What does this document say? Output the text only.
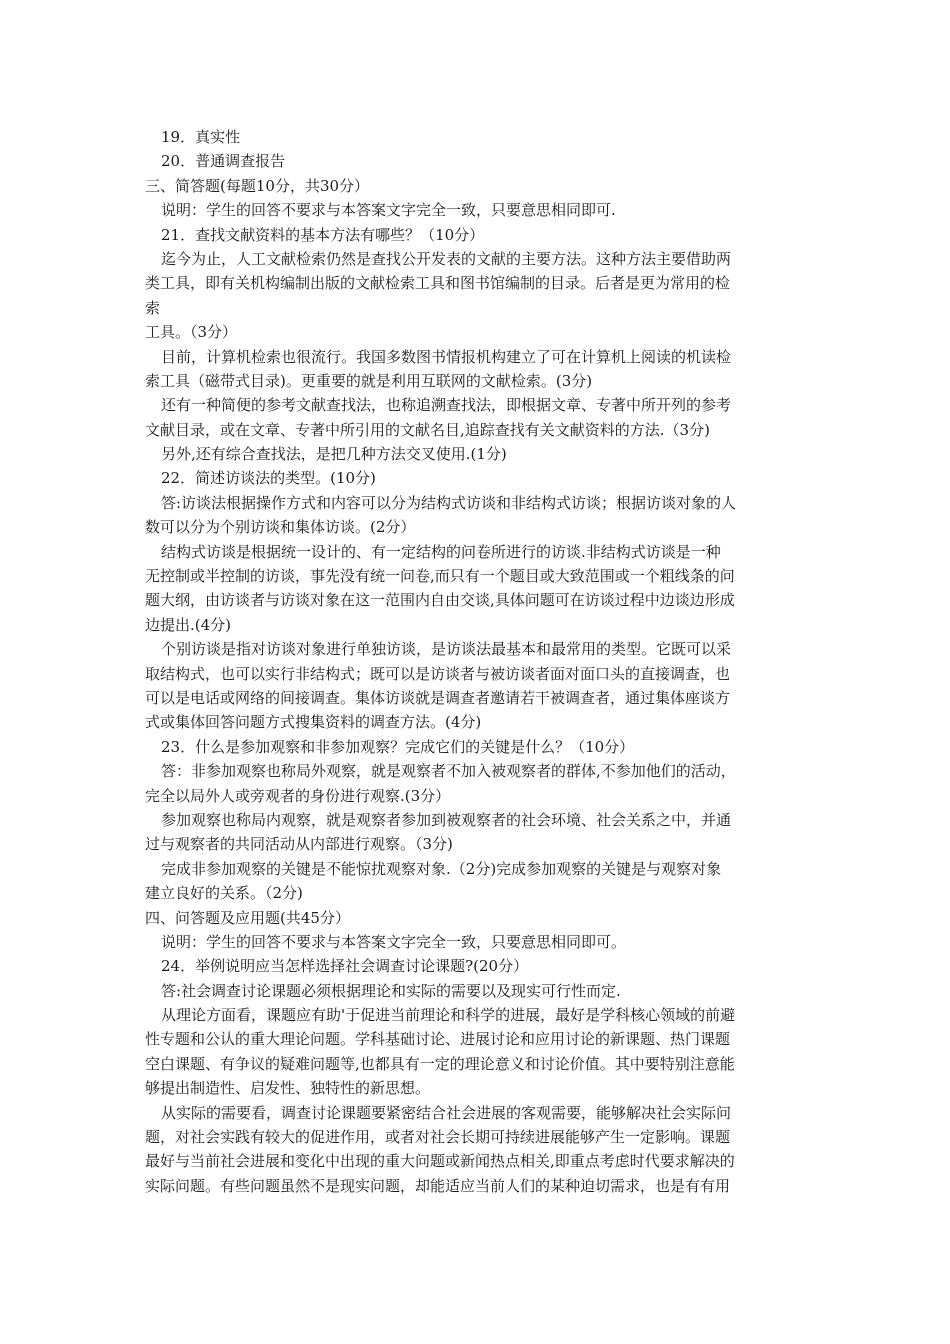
19．真实性
20．普通调查报告
三、简答题(每题10分，共30分）
说明：学生的回答不要求与本答案文字完全一致，只要意思相同即可.
21．查找文献资料的基本方法有哪些？（10分）
迄今为止，人工文献检索仍然是查找公开发表的文献的主要方法。这种方法主要借助两
类工具，即有关机构编制出版的文献检索工具和图书馆编制的目录。后者是更为常用的检
索
工具。（3分）
目前，计算机检索也很流行。我国多数图书情报机构建立了可在计算机上阅读的机读检
索工具（磁带式目录)。更重要的就是利用互联网的文献检索。(3分)
还有一种简便的参考文献查找法，也称追溯查找法，即根据文章、专著中所开列的参考
文献目录，或在文章、专著中所引用的文献名目,追踪查找有关文献资料的方法.（3分)
另外,还有综合查找法，是把几种方法交叉使用.(1分)
22．简述访谈法的类型。(10分)
答:访谈法根据操作方式和内容可以分为结构式访谈和非结构式访谈；根据访谈对象的人
数可以分为个别访谈和集体访谈。(2分）
结构式访谈是根据统一设计的、有一定结构的问卷所进行的访谈.非结构式访谈是一种
无控制或半控制的访谈，事先没有统一问卷,而只有一个题目或大致范围或一个粗线条的问
题大纲，由访谈者与访谈对象在这一范围内自由交谈,具体问题可在访谈过程中边谈边形成
边提出.(4分)
个别访谈是指对访谈对象进行单独访谈，是访谈法最基本和最常用的类型。它既可以采
取结构式，也可以实行非结构式；既可以是访谈者与被访谈者面对面口头的直接调查，也
可以是电话或网络的间接调查。集体访谈就是调查者邀请若干被调查者，通过集体座谈方
式或集体回答问题方式搜集资料的调查方法。(4分)
23．什么是参加观察和非参加观察？完成它们的关键是什么？（10分）
答：非参加观察也称局外观察，就是观察者不加入被观察者的群体,不参加他们的活动，
完全以局外人或旁观者的身份进行观察.(3分）
参加观察也称局内观察，就是观察者参加到被观察者的社会环境、社会关系之中，并通
过与观察者的共同活动从内部进行观察。（3分)
完成非参加观察的关键是不能惊扰观察对象.（2分)完成参加观察的关键是与观察对象
建立良好的关系。（2分)
四、问答题及应用题(共45分）
说明：学生的回答不要求与本答案文字完全一致，只要意思相同即可。
24．举例说明应当怎样选择社会调查讨论课题?(20分）
答:社会调查讨论课题必须根据理论和实际的需要以及现实可行性而定.
从理论方面看，课题应有助'于促进当前理论和科学的进展，最好是学科核心领域的前避
性专题和公认的重大理论问题。学科基础讨论、进展讨论和应用讨论的新课题、热门课题
空白课题、有争议的疑难问题等,也都具有一定的理论意义和讨论价值。其中要特别注意能
够提出制造性、启发性、独特性的新思想。
从实际的需要看，调查讨论课题要紧密结合社会进展的客观需要，能够解决社会实际问
题，对社会实践有较大的促进作用，或者对社会长期可持续进展能够产生一定影响。课题
最好与当前社会进展和变化中出现的重大问题或新闻热点相关,即重点考虑时代要求解决的
实际问题。有些问题虽然不是现实问题，却能适应当前人们的某种迫切需求，也是有有用
